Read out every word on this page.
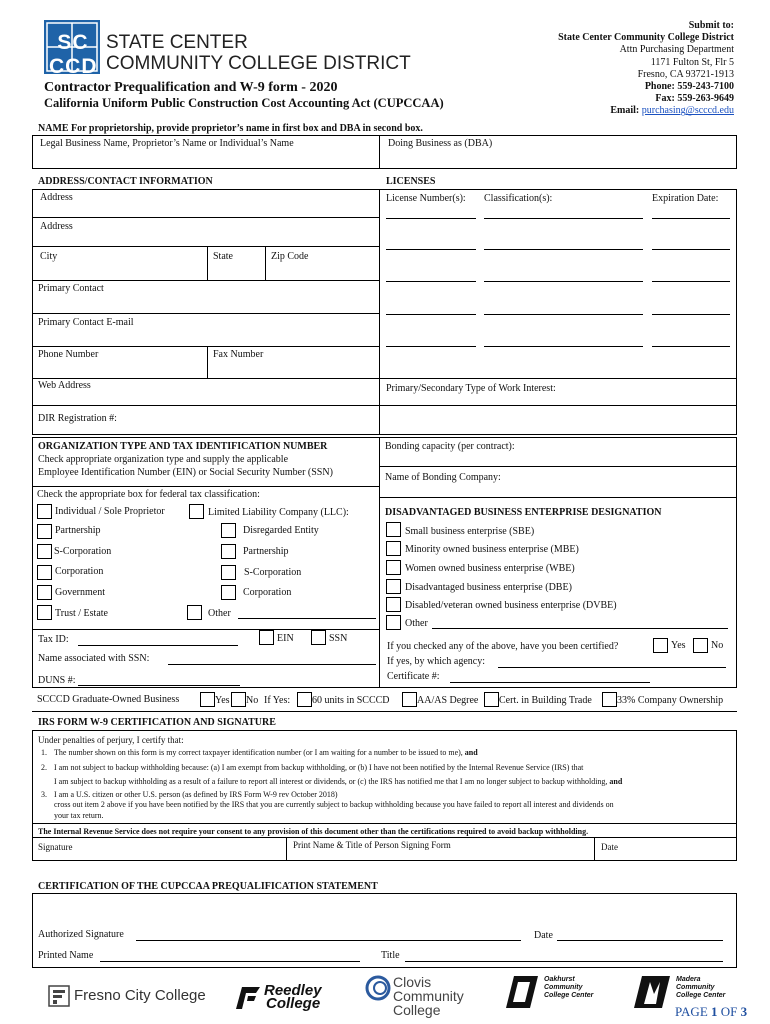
SC CCD
STATE CENTER
COMMUNITY COLLEGE DISTRICT
Contractor Prequalification and W-9 form - 2020
California Uniform Public Construction Cost Accounting Act (CUPCCAA)
Submit to:
State Center Community College District
Attn Purchasing Department
1171 Fulton St, Flr 5
Fresno, CA 93721-1913
Phone: 559-243-7100
Fax: 559-263-9649
Email: purchasing@scccd.edu
NAME For proprietorship, provide proprietor’s name in first box and DBA in second box.
Legal Business Name, Proprietor’s Name or Individual’s Name	Doing Business as (DBA)
ADDRESS/CONTACT INFORMATION	LICENSES
Address
Address
City	State	Zip Code
Primary Contact
Primary Contact E-mail
Phone Number	Fax Number
Web Address
DIR Registration #:
License Number(s): Classification(s):	Expiration Date:
Primary/Secondary Type of Work Interest:
ORGANIZATION TYPE AND TAX IDENTIFICATION NUMBER
Check appropriate organization type and supply the applicable
Employee Identification Number (EIN) or Social Security Number (SSN)
Bonding capacity (per contract):
Name of Bonding Company:
Check the appropriate box for federal tax classification:
Individual / Sole Proprietor
Partnership
S-Corporation
Corporation
Government
Trust / Estate
Limited Liability Company (LLC):
Disregarded Entity
Partnership
S-Corporation
Corporation
Other
Tax ID:	EIN	SSN
Name associated with SSN:
DUNS #:
DISADVANTAGED BUSINESS ENTERPRISE DESIGNATION
Small business enterprise (SBE)
Minority owned business enterprise (MBE)
Women owned business enterprise (WBE)
Disadvantaged business enterprise (DBE)
Disabled/veteran owned business enterprise (DVBE)
Other
If you checked any of the above, have you been certified?	Yes	No
If yes, by which agency:
Certificate #:
SCCCD Graduate-Owned Business	Yes No If Yes: 60 units in SCCCD	AA/AS Degree Cert. in Building Trade	33% Company Ownership
IRS FORM W-9 CERTIFICATION AND SIGNATURE
Under penalties of perjury, I certify that:
1. The number shown on this form is my correct taxpayer identification number (or I am waiting for a number to be issued to me), and
2. I am not subject to backup withholding because: (a) I am exempt from backup withholding, or (b) I have not been notified by the Internal Revenue Service (IRS) that
I am subject to backup withholding as a result of a failure to report all interest or dividends, or (c) the IRS has notified me that I am no longer subject to backup withholding, and
3. I am a U.S. citizen or other U.S. person (as defined by IRS Form W-9 rev October 2018)
cross out item 2 above if you have been notified by the IRS that you are currently subject to backup withholding because you have failed to report all interest and dividends on
your tax return.
The Internal Revenue Service does not require your consent to any provision of this document other than the certifications required to avoid backup withholding.
Signature	Print Name & Title of Person Signing Form	Date
CERTIFICATION OF THE CUPCCAA PREQUALIFICATION STATEMENT
Authorized Signature	Date
Printed Name	Title
Fresno City College	Reedley
College
Clovis
Community
College
Oakhurst
Community
College Center
Madera
Community
College Center
PAGE 1 OF 3
